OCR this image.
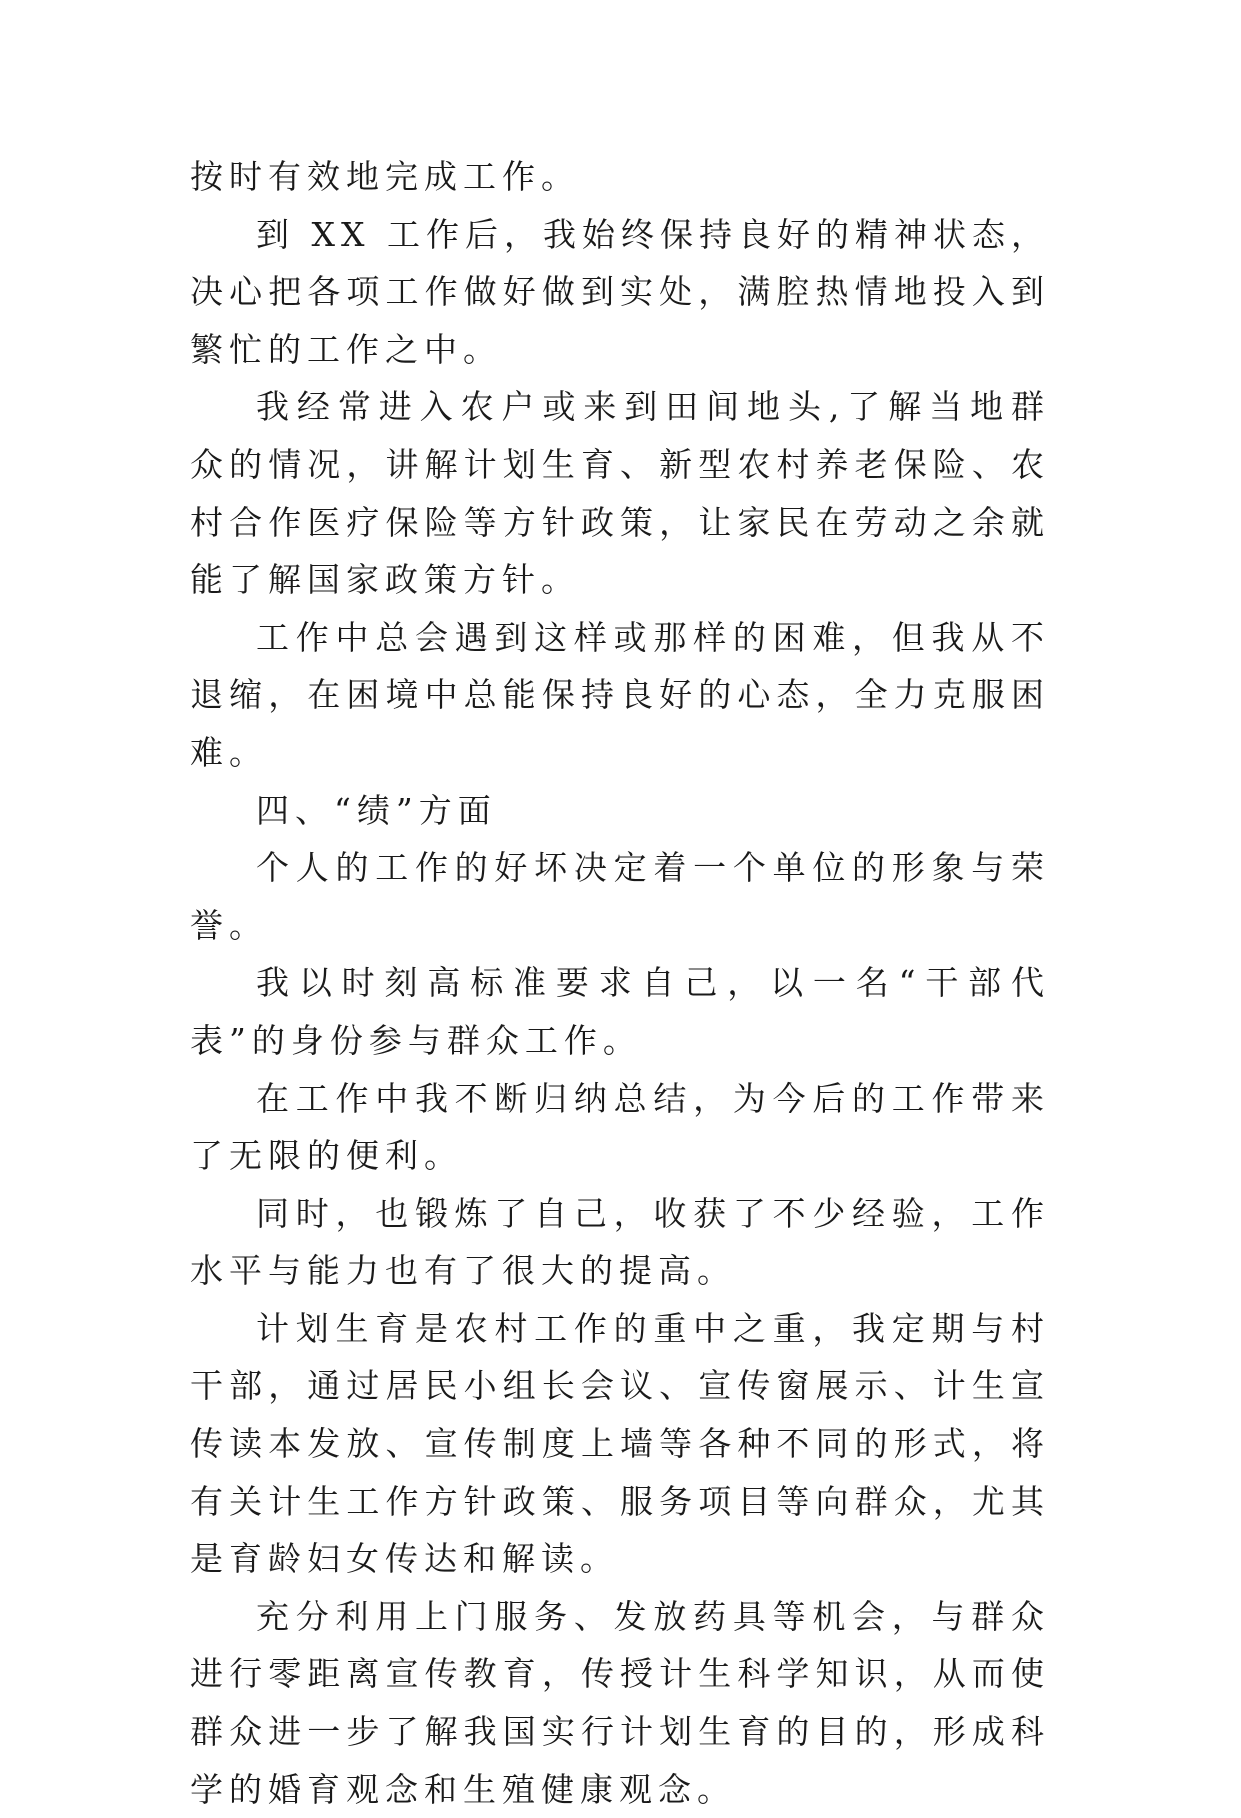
按时有效地完成工作。

到 XX 工作后，我始终保持良好的精神状态，决心把各项工作做好做到实处，满腔热情地投入到繁忙的工作之中。

我经常进入农户或来到田间地头,了解当地群众的情况，讲解计划生育、新型农村养老保险、农村合作医疗保险等方针政策，让家民在劳动之余就能了解国家政策方针。

工作中总会遇到这样或那样的困难，但我从不退缩，在困境中总能保持良好的心态，全力克服困难。

四、“绩”方面

个人的工作的好坏决定着一个单位的形象与荣誉。

我以时刻高标准要求自己，以一名“干部代表”的身份参与群众工作。

在工作中我不断归纳总结，为今后的工作带来了无限的便利。

同时，也锻炼了自己，收获了不少经验，工作水平与能力也有了很大的提高。

计划生育是农村工作的重中之重，我定期与村干部，通过居民小组长会议、宣传窗展示、计生宣传读本发放、宣传制度上墙等各种不同的形式，将有关计生工作方针政策、服务项目等向群众，尤其是育龄妇女传达和解读。

充分利用上门服务、发放药具等机会，与群众进行零距离宣传教育，传授计生科学知识，从而使群众进一步了解我国实行计划生育的目的，形成科学的婚育观念和生殖健康观念。
